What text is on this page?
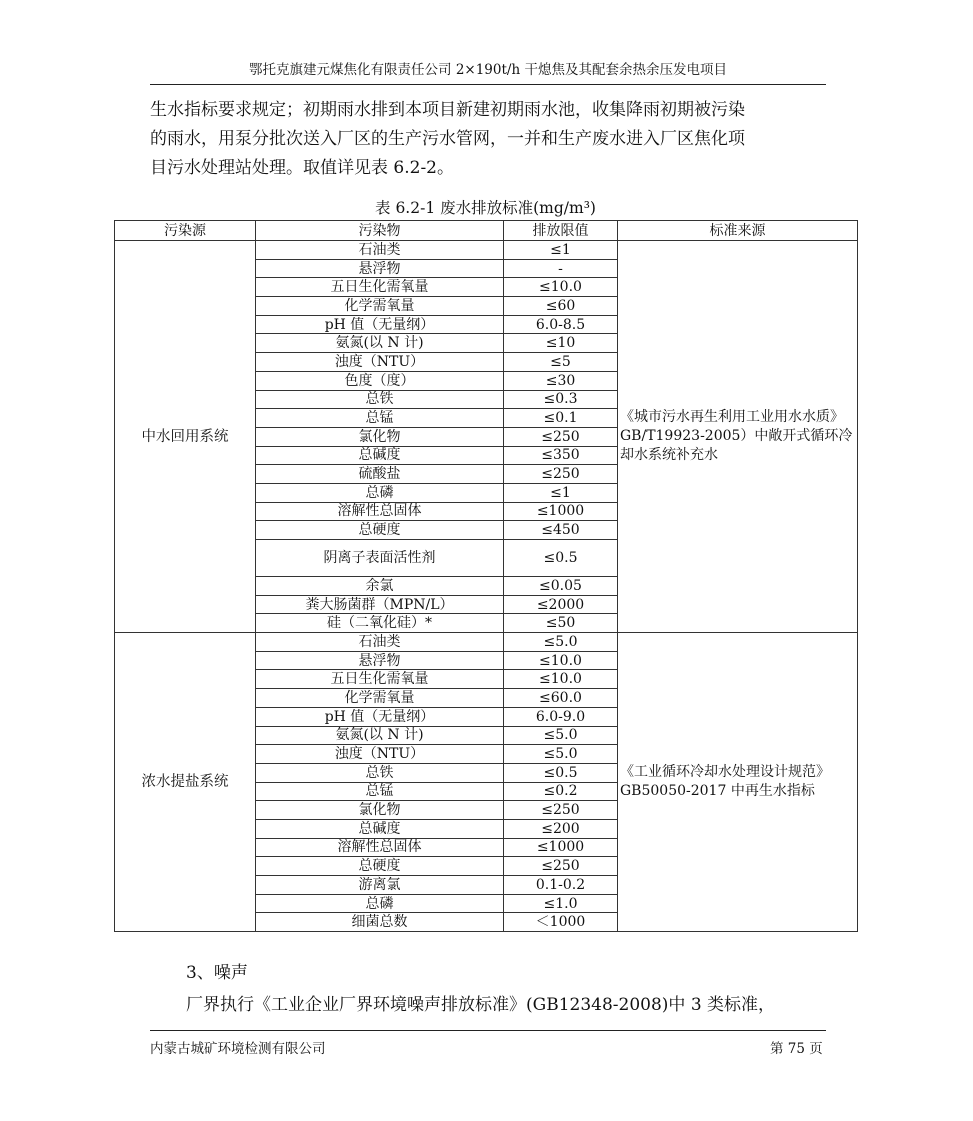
鄂托克旗建元煤焦化有限责任公司 2×190t/h 干熄焦及其配套余热余压发电项目

生水指标要求规定；初期雨水排到本项目新建初期雨水池，收集降雨初期被污染

的雨水，用泵分批次送入厂区的生产污水管网，一并和生产废水进入厂区焦化项

目污水处理站处理。取值详见表 6.2-2。

表 6.2-1 废水排放标准(mg/m³)
污染源	污染物	排放限值	标准来源
中水回用系统	石油类	≤1	《城市污水再生利用工业用水水质》 GB/T19923-2005）中敞开式循环冷却水系统补充水
	悬浮物	-	
	五日生化需氧量	≤10.0	
	化学需氧量	≤60	
	pH 值（无量纲）	6.0-8.5	
	氨氮(以 N 计)	≤10	
	浊度（NTU）	≤5	
	色度（度）	≤30	
	总铁	≤0.3	
	总锰	≤0.1	
	氯化物	≤250	
	总碱度	≤350	
	硫酸盐	≤250	
	总磷	≤1	
	溶解性总固体	≤1000	
	总硬度	≤450	
	阴离子表面活性剂	≤0.5	
	余氯	≤0.05	
	粪大肠菌群（MPN/L）	≤2000	
	硅（二氧化硅）*	≤50	
浓水提盐系统	石油类	≤5.0	《工业循环冷却水处理设计规范》GB50050-2017 中再生水指标
	悬浮物	≤10.0	
	五日生化需氧量	≤10.0	
	化学需氧量	≤60.0	
	pH 值（无量纲）	6.0-9.0	
	氨氮(以 N 计)	≤5.0	
	浊度（NTU）	≤5.0	
	总铁	≤0.5	
	总锰	≤0.2	
	氯化物	≤250	
	总碱度	≤200	
	溶解性总固体	≤1000	
	总硬度	≤250	
	游离氯	0.1-0.2	
	总磷	≤1.0	
	细菌总数	＜1000	
3、噪声
厂界执行《工业企业厂界环境噪声排放标准》(GB12348-2008)中 3 类标准，
内蒙古城矿环境检测有限公司	第 75 页
